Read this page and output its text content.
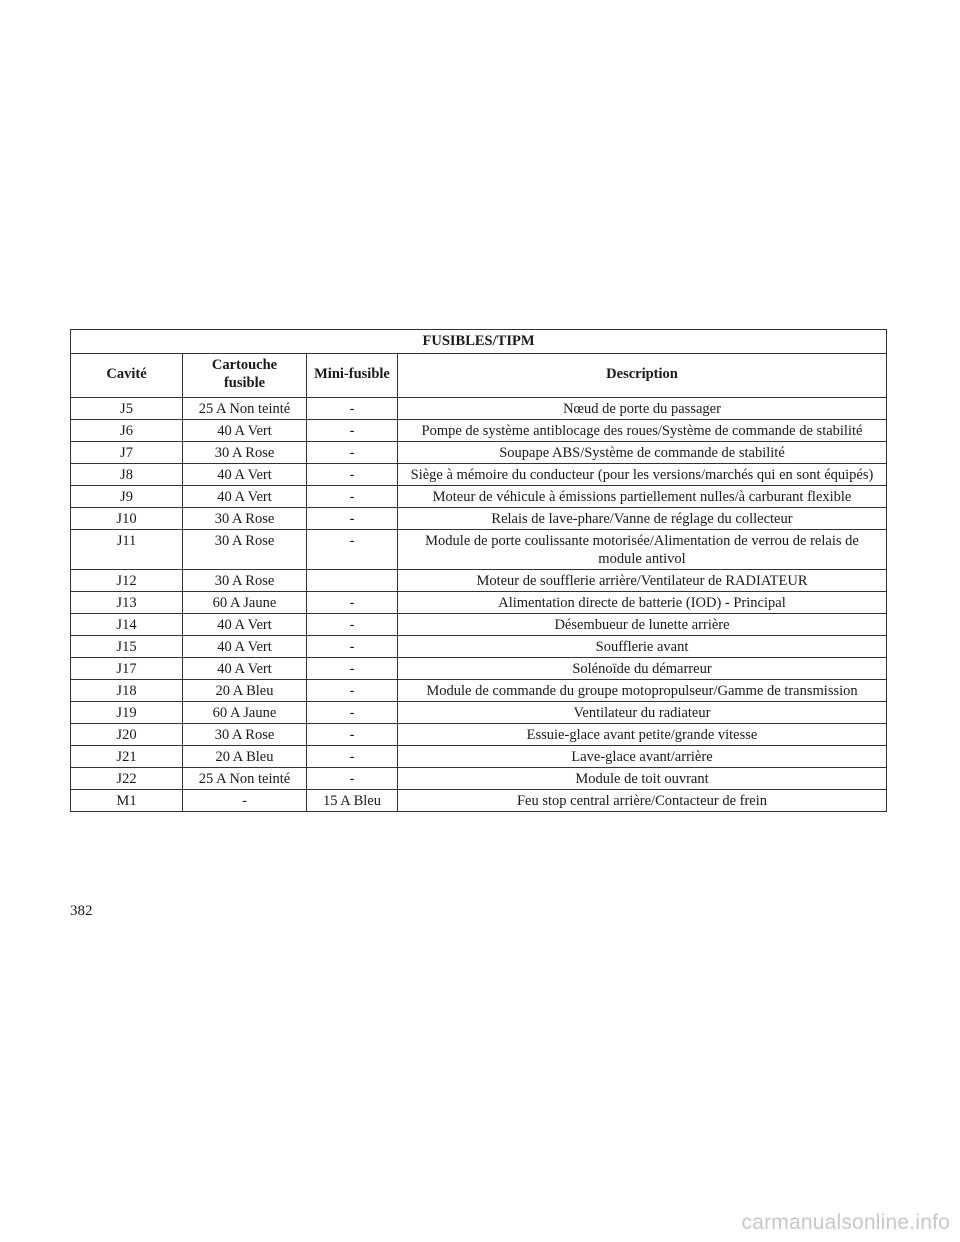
FUSIBLES/TIPM			
Cavité	Cartouche fusible	Mini-fusible	Description
J5	25 A Non teinté	-	Nœud de porte du passager
J6	40 A Vert	-	Pompe de système antiblocage des roues/Système de commande de stabilité
J7	30 A Rose	-	Soupape ABS/Système de commande de stabilité
J8	40 A Vert	-	Siège à mémoire du conducteur (pour les versions/marchés qui en sont équipés)
J9	40 A Vert	-	Moteur de véhicule à émissions partiellement nulles/à carburant flexible
J10	30 A Rose	-	Relais de lave-phare/Vanne de réglage du collecteur
J11	30 A Rose	-	Module de porte coulissante motorisée/Alimentation de verrou de relais de module antivol
J12	30 A Rose		Moteur de soufflerie arrière/Ventilateur de RADIATEUR
J13	60 A Jaune	-	Alimentation directe de batterie (IOD) - Principal
J14	40 A Vert	-	Désembueur de lunette arrière
J15	40 A Vert	-	Soufflerie avant
J17	40 A Vert	-	Solénoïde du démarreur
J18	20 A Bleu	-	Module de commande du groupe motopropulseur/Gamme de transmission
J19	60 A Jaune	-	Ventilateur du radiateur
J20	30 A Rose	-	Essuie-glace avant petite/grande vitesse
J21	20 A Bleu	-	Lave-glace avant/arrière
J22	25 A Non teinté	-	Module de toit ouvrant
M1	-	15 A Bleu	Feu stop central arrière/Contacteur de frein
382
carmanualsonline.info
